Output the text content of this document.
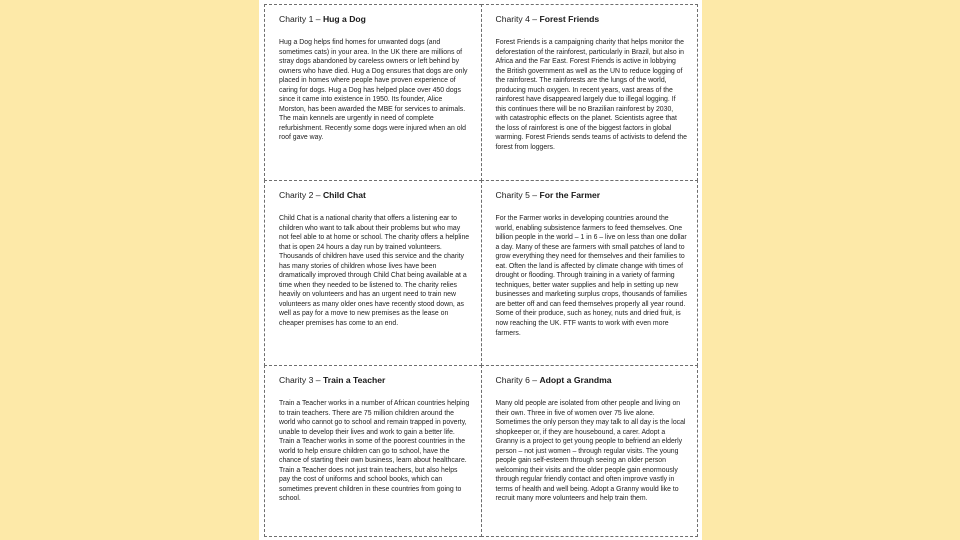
Charity 1 – Hug a Dog

Hug a Dog helps find homes for unwanted dogs (and sometimes cats) in your area. In the UK there are millions of stray dogs abandoned by careless owners or left behind by owners who have died. Hug a Dog ensures that dogs are only placed in homes where people have proven experience of caring for dogs. Hug a Dog has helped place over 450 dogs since it came into existence in 1950. Its founder, Alice Morston, has been awarded the MBE for services to animals. The main kennels are urgently in need of complete refurbishment. Recently some dogs were injured when an old roof gave way.

Charity 4 – Forest Friends

Forest Friends is a campaigning charity that helps monitor the deforestation of the rainforest, particularly in Brazil, but also in Africa and the Far East. Forest Friends is active in lobbying the British government as well as the UN to reduce logging of the rainforest. The rainforests are the lungs of the world, producing much oxygen. In recent years, vast areas of the rainforest have disappeared largely due to illegal logging. If this continues there will be no Brazilian rainforest by 2030, with catastrophic effects on the planet. Scientists agree that the loss of rainforest is one of the biggest factors in global warming. Forest Friends sends teams of activists to defend the forest from loggers.

Charity 2 – Child Chat

Child Chat is a national charity that offers a listening ear to children who want to talk about their problems but who may not feel able to at home or school. The charity offers a helpline that is open 24 hours a day run by trained volunteers. Thousands of children have used this service and the charity has many stories of children whose lives have been dramatically improved through Child Chat being available at a time when they needed to be listened to. The charity relies heavily on volunteers and has an urgent need to train new volunteers as many older ones have recently stood down, as well as pay for a move to new premises as the lease on cheaper premises has come to an end.

Charity 5 – For the Farmer

For the Farmer works in developing countries around the world, enabling subsistence farmers to feed themselves. One billion people in the world – 1 in 6 – live on less than one dollar a day. Many of these are farmers with small patches of land to grow everything they need for themselves and their families to eat. Often the land is affected by climate change with times of drought or flooding. Through training in a variety of farming techniques, better water supplies and help in setting up new businesses and marketing surplus crops, thousands of families are better off and can feed themselves properly all year round. Some of their produce, such as honey, nuts and dried fruit, is now reaching the UK. FTF wants to work with even more farmers.

Charity 3 – Train a Teacher

Train a Teacher works in a number of African countries helping to train teachers. There are 75 million children around the world who cannot go to school and remain trapped in poverty, unable to develop their lives and work to gain a better life. Train a Teacher works in some of the poorest countries in the world to help ensure children can go to school, have the chance of starting their own business, learn about healthcare. Train a Teacher does not just train teachers, but also helps pay the cost of uniforms and school books, which can sometimes prevent children in these countries from going to school.

Charity 6 – Adopt a Grandma

Many old people are isolated from other people and living on their own. Three in five of women over 75 live alone. Sometimes the only person they may talk to all day is the local shopkeeper or, if they are housebound, a carer. Adopt a Granny is a project to get young people to befriend an elderly person – not just women – through regular visits. The young people gain self-esteem through seeing an older person welcoming their visits and the older people gain enormously through regular friendly contact and often improve vastly in terms of health and well being. Adopt a Granny would like to recruit many more volunteers and help train them.
